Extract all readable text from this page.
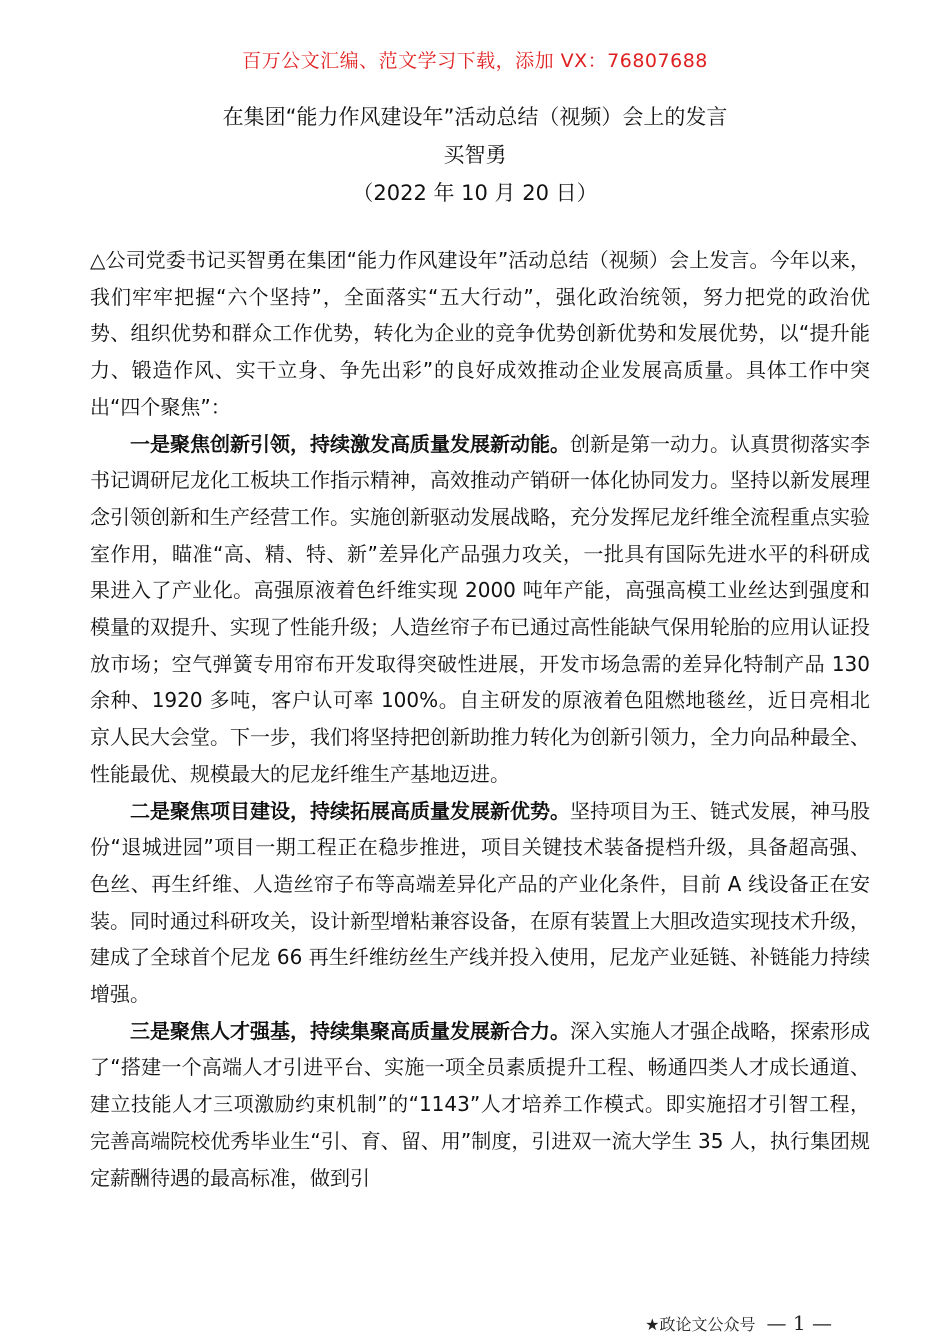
百万公文汇编、范文学习下载，添加 VX：76807688
在集团“能力作风建设年”活动总结（视频）会上的发言
买智勇
（2022 年 10 月 20 日）

△公司党委书记买智勇在集团“能力作风建设年”活动总结（视频）会上发言。今年以来，我们牢牢把握“六个坚持”，全面落实“五大行动”，强化政治统领，努力把党的政治优势、组织优势和群众工作优势，转化为企业的竞争优势创新优势和发展优势，以“提升能力、锻造作风、实干立身、争先出彩”的良好成效推动企业发展高质量。具体工作中突出“四个聚焦”：

一是聚焦创新引领，持续激发高质量发展新动能。创新是第一动力。认真贯彻落实李书记调研尼龙化工板块工作指示精神，高效推动产销研一体化协同发力。坚持以新发展理念引领创新和生产经营工作。实施创新驱动发展战略，充分发挥尼龙纤维全流程重点实验室作用，瞄准“高、精、特、新”差异化产品强力攻关，一批具有国际先进水平的科研成果进入了产业化。高强原液着色纤维实现 2000 吨年产能，高强高模工业丝达到强度和模量的双提升、实现了性能升级；人造丝帘子布已通过高性能缺气保用轮胎的应用认证投放市场；空气弹簧专用帘布开发取得突破性进展，开发市场急需的差异化特制产品 130 余种、1920 多吨，客户认可率 100%。自主研发的原液着色阻燃地毯丝，近日亮相北京人民大会堂。下一步，我们将坚持把创新助推力转化为创新引领力，全力向品种最全、性能最优、规模最大的尼龙纤维生产基地迈进。

二是聚焦项目建设，持续拓展高质量发展新优势。坚持项目为王、链式发展，神马股份“退城进园”项目一期工程正在稳步推进，项目关键技术装备提档升级，具备超高强、色丝、再生纤维、人造丝帘子布等高端差异化产品的产业化条件，目前 A 线设备正在安装。同时通过科研攻关，设计新型增粘兼容设备，在原有装置上大胆改造实现技术升级，建成了全球首个尼龙 66 再生纤维纺丝生产线并投入使用，尼龙产业延链、补链能力持续增强。

三是聚焦人才强基，持续集聚高质量发展新合力。深入实施人才强企战略，探索形成了“搭建一个高端人才引进平台、实施一项全员素质提升工程、畅通四类人才成长通道、建立技能人才三项激励约束机制”的“1143”人才培养工作模式。即实施招才引智工程，完善高端院校优秀毕业生“引、育、留、用”制度，引进双一流大学生 35 人，执行集团规定薪酬待遇的最高标准，做到引

★政论文公众号 — 1 —
